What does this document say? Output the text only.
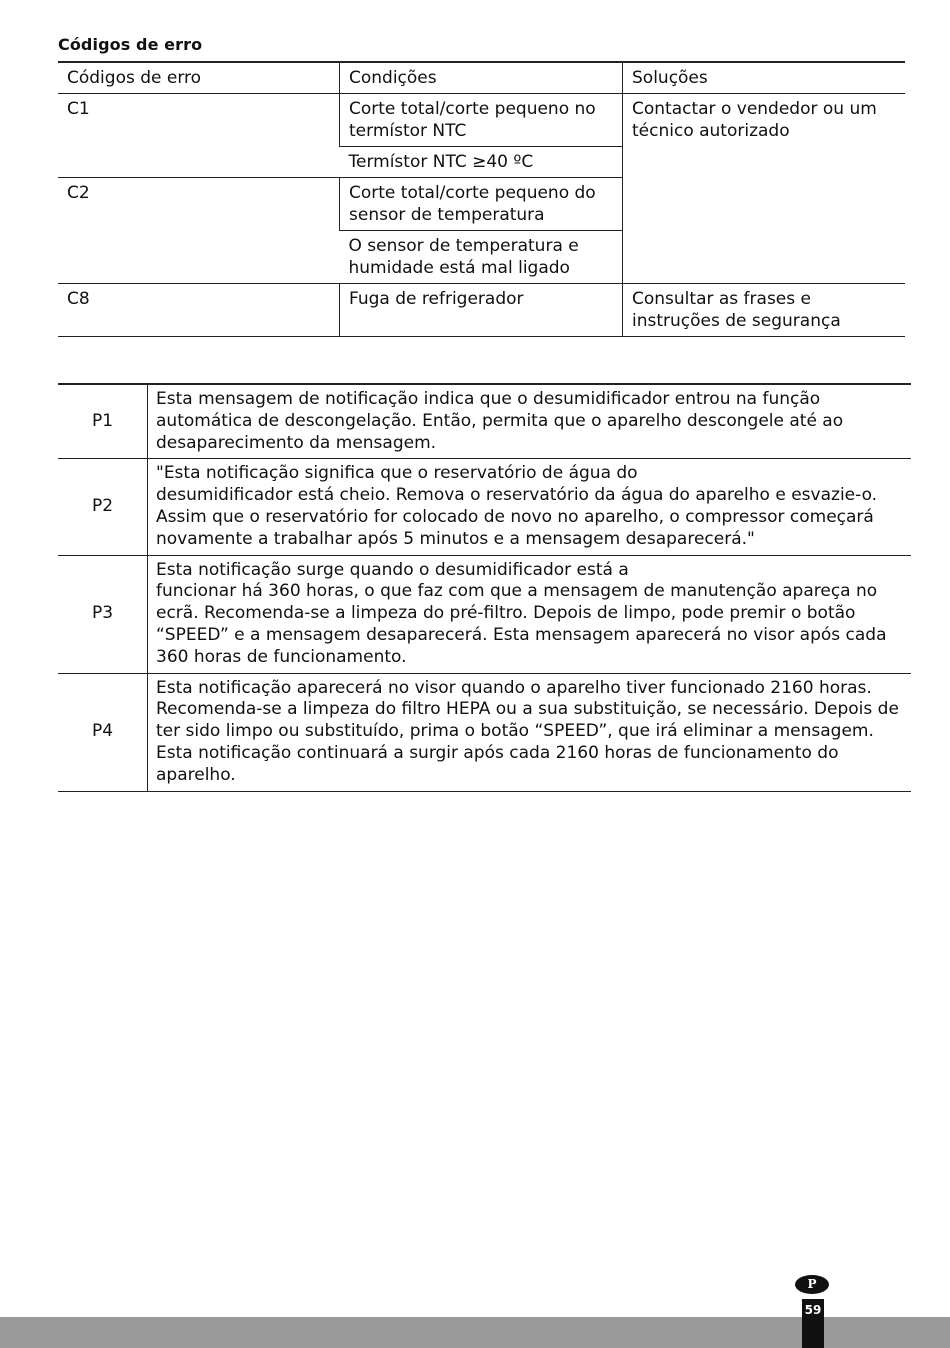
Códigos de erro
Códigos de erro	Condições	Soluções
C1	Corte total/corte pequeno no termístor NTC	Contactar o vendedor ou um técnico autorizado
	Termístor NTC ≥40 ºC	
C2	Corte total/corte pequeno do sensor de temperatura	
	O sensor de temperatura e humidade está mal ligado	
C8	Fuga de refrigerador	Consultar as frases e instruções de segurança
P1	Esta mensagem de notificação indica que o desumidificador entrou na função
automática de descongelação. Então, permita que o aparelho descongele até ao
desaparecimento da mensagem.

P2	"Esta notificação significa que o reservatório de água do
desumidificador está cheio. Remova o reservatório da água do aparelho e esvazie-o.
Assim que o reservatório for colocado de novo no aparelho, o compressor começará
novamente a trabalhar após 5 minutos e a mensagem desaparecerá."

P3	Esta notificação surge quando o desumidificador está a
funcionar há 360 horas, o que faz com que a mensagem de manutenção apareça no
ecrã. Recomenda-se a limpeza do pré-filtro. Depois de limpo, pode premir o botão
“SPEED” e a mensagem desaparecerá. Esta mensagem aparecerá no visor após cada
360 horas de funcionamento.

P4	Esta notificação aparecerá no visor quando o aparelho tiver funcionado 2160 horas.
Recomenda-se a limpeza do filtro HEPA ou a sua substituição, se necessário. Depois de
ter sido limpo ou substituído, prima o botão “SPEED”, que irá eliminar a mensagem.
Esta notificação continuará a surgir após cada 2160 horas de funcionamento do
aparelho.
P
59
